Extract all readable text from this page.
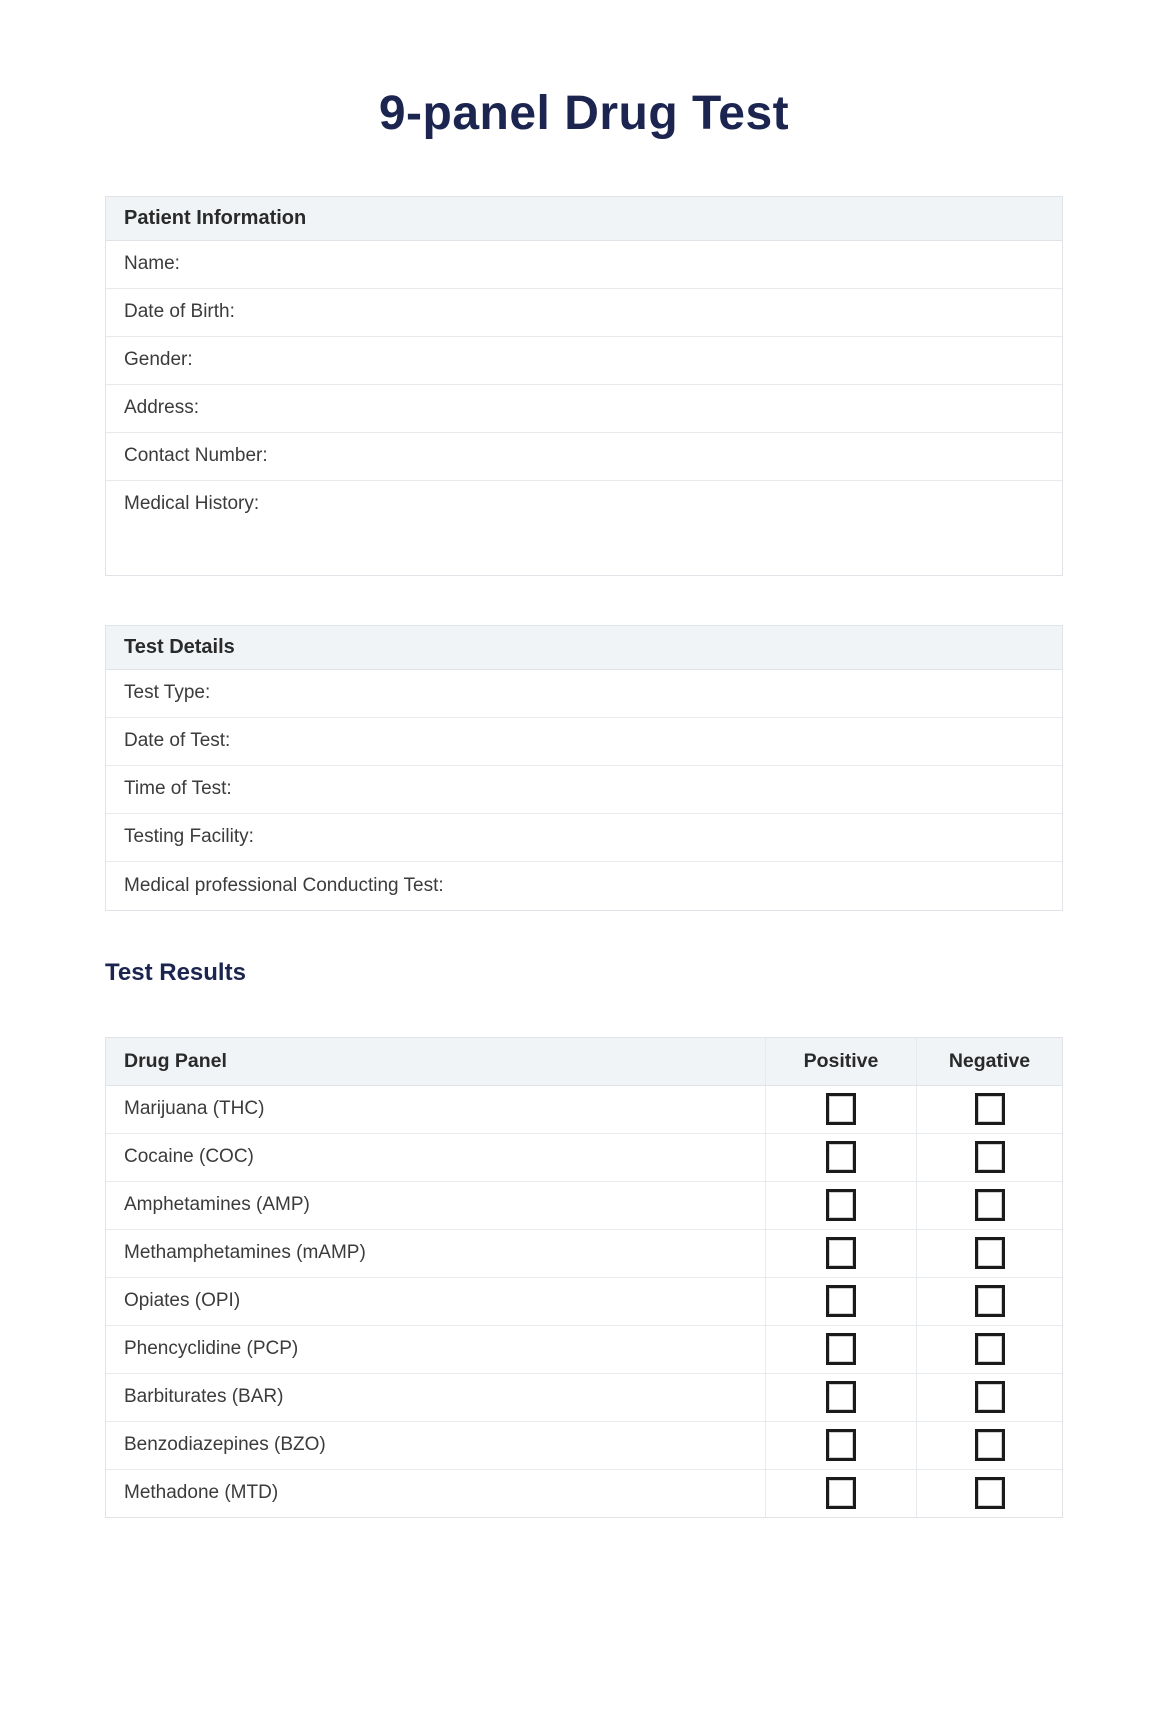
9-panel Drug Test
Patient Information
Name:
Date of Birth:
Gender:
Address:
Contact Number:
Medical History:
Test Details
Test Type:
Date of Test:
Time of Test:
Testing Facility:
Medical professional Conducting Test:
Test Results
Drug Panel	Positive	Negative
Marijuana (THC)
Cocaine (COC)
Amphetamines (AMP)
Methamphetamines (mAMP)
Opiates (OPI)
Phencyclidine (PCP)
Barbiturates (BAR)
Benzodiazepines (BZO)
Methadone (MTD)
